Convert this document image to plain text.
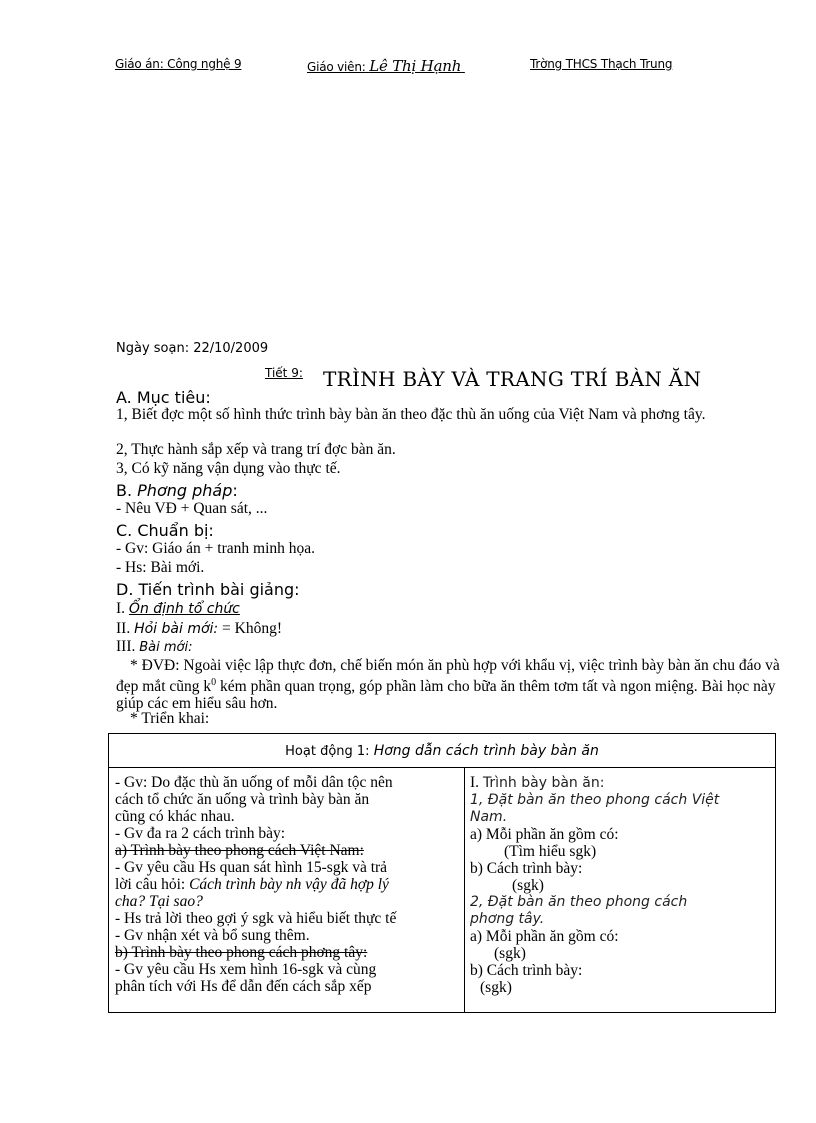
Giáo án: Công nghệ 9	Giáo viên: Lê Thị Hạnh	Trờng THCS Thạch Trung
Ngày soạn: 22/10/2009
Tiết 9: TRÌNH BÀY VÀ TRANG TRÍ BÀN ĂN
A. Mục tiêu:
1, Biết đợc một số hình thức trình bày bàn ăn theo đặc thù ăn uống của Việt Nam và phơng tây.
2, Thực hành sắp xếp và trang trí đợc bàn ăn.
3, Có kỹ năng vận dụng vào thực tế.
B. Phơng pháp:
- Nêu VĐ + Quan sát, ...
C. Chuẩn bị:
- Gv: Giáo án + tranh minh họa.
- Hs: Bài mới.
D. Tiến trình bài giảng:
I. Ổn định tổ chức
II. Hỏi bài mới: = Không!
III. Bài mới:
* ĐVĐ: Ngoài việc lập thực đơn, chế biến món ăn phù hợp với khẩu vị, việc trình bày bàn ăn chu đáo và đẹp mắt cũng $k^0$ kém phần quan trọng, góp phần làm cho bữa ăn thêm tơm tất và ngon miệng. Bài học này giúp các em hiểu sâu hơn.
* Triển khai:
Hoạt động 1: Hơng dẫn cách trình bày bàn ăn
- Gv: Do đặc thù ăn uống of mỗi dân tộc nên
cách tổ chức ăn uống và trình bày bàn ăn
cũng có khác nhau.
- Gv đa ra 2 cách trình bày:
a) Trình bày theo phong cách Việt Nam:
- Gv yêu cầu Hs quan sát hình 15-sgk và trả
lời câu hỏi: Cách trình bày nh vậy đã hợp lý
cha? Tại sao?
- Hs trả lời theo gợi ý sgk và hiểu biết thực tế
- Gv nhận xét và bổ sung thêm.
b) Trình bày theo phong cách phơng tây:
- Gv yêu cầu Hs xem hình 16-sgk và cùng
phân tích với Hs để dẫn đến cách sắp xếp
I. Trình bày bàn ăn:
1, Đặt bàn ăn theo phong cách Việt
Nam.
a) Mỗi phần ăn gồm có:
(Tìm hiểu sgk)
b) Cách trình bày:
(sgk)
2, Đặt bàn ăn theo phong cách
phơng tây.
a) Mỗi phần ăn gồm có:
(sgk)
b) Cách trình bày:
(sgk)
